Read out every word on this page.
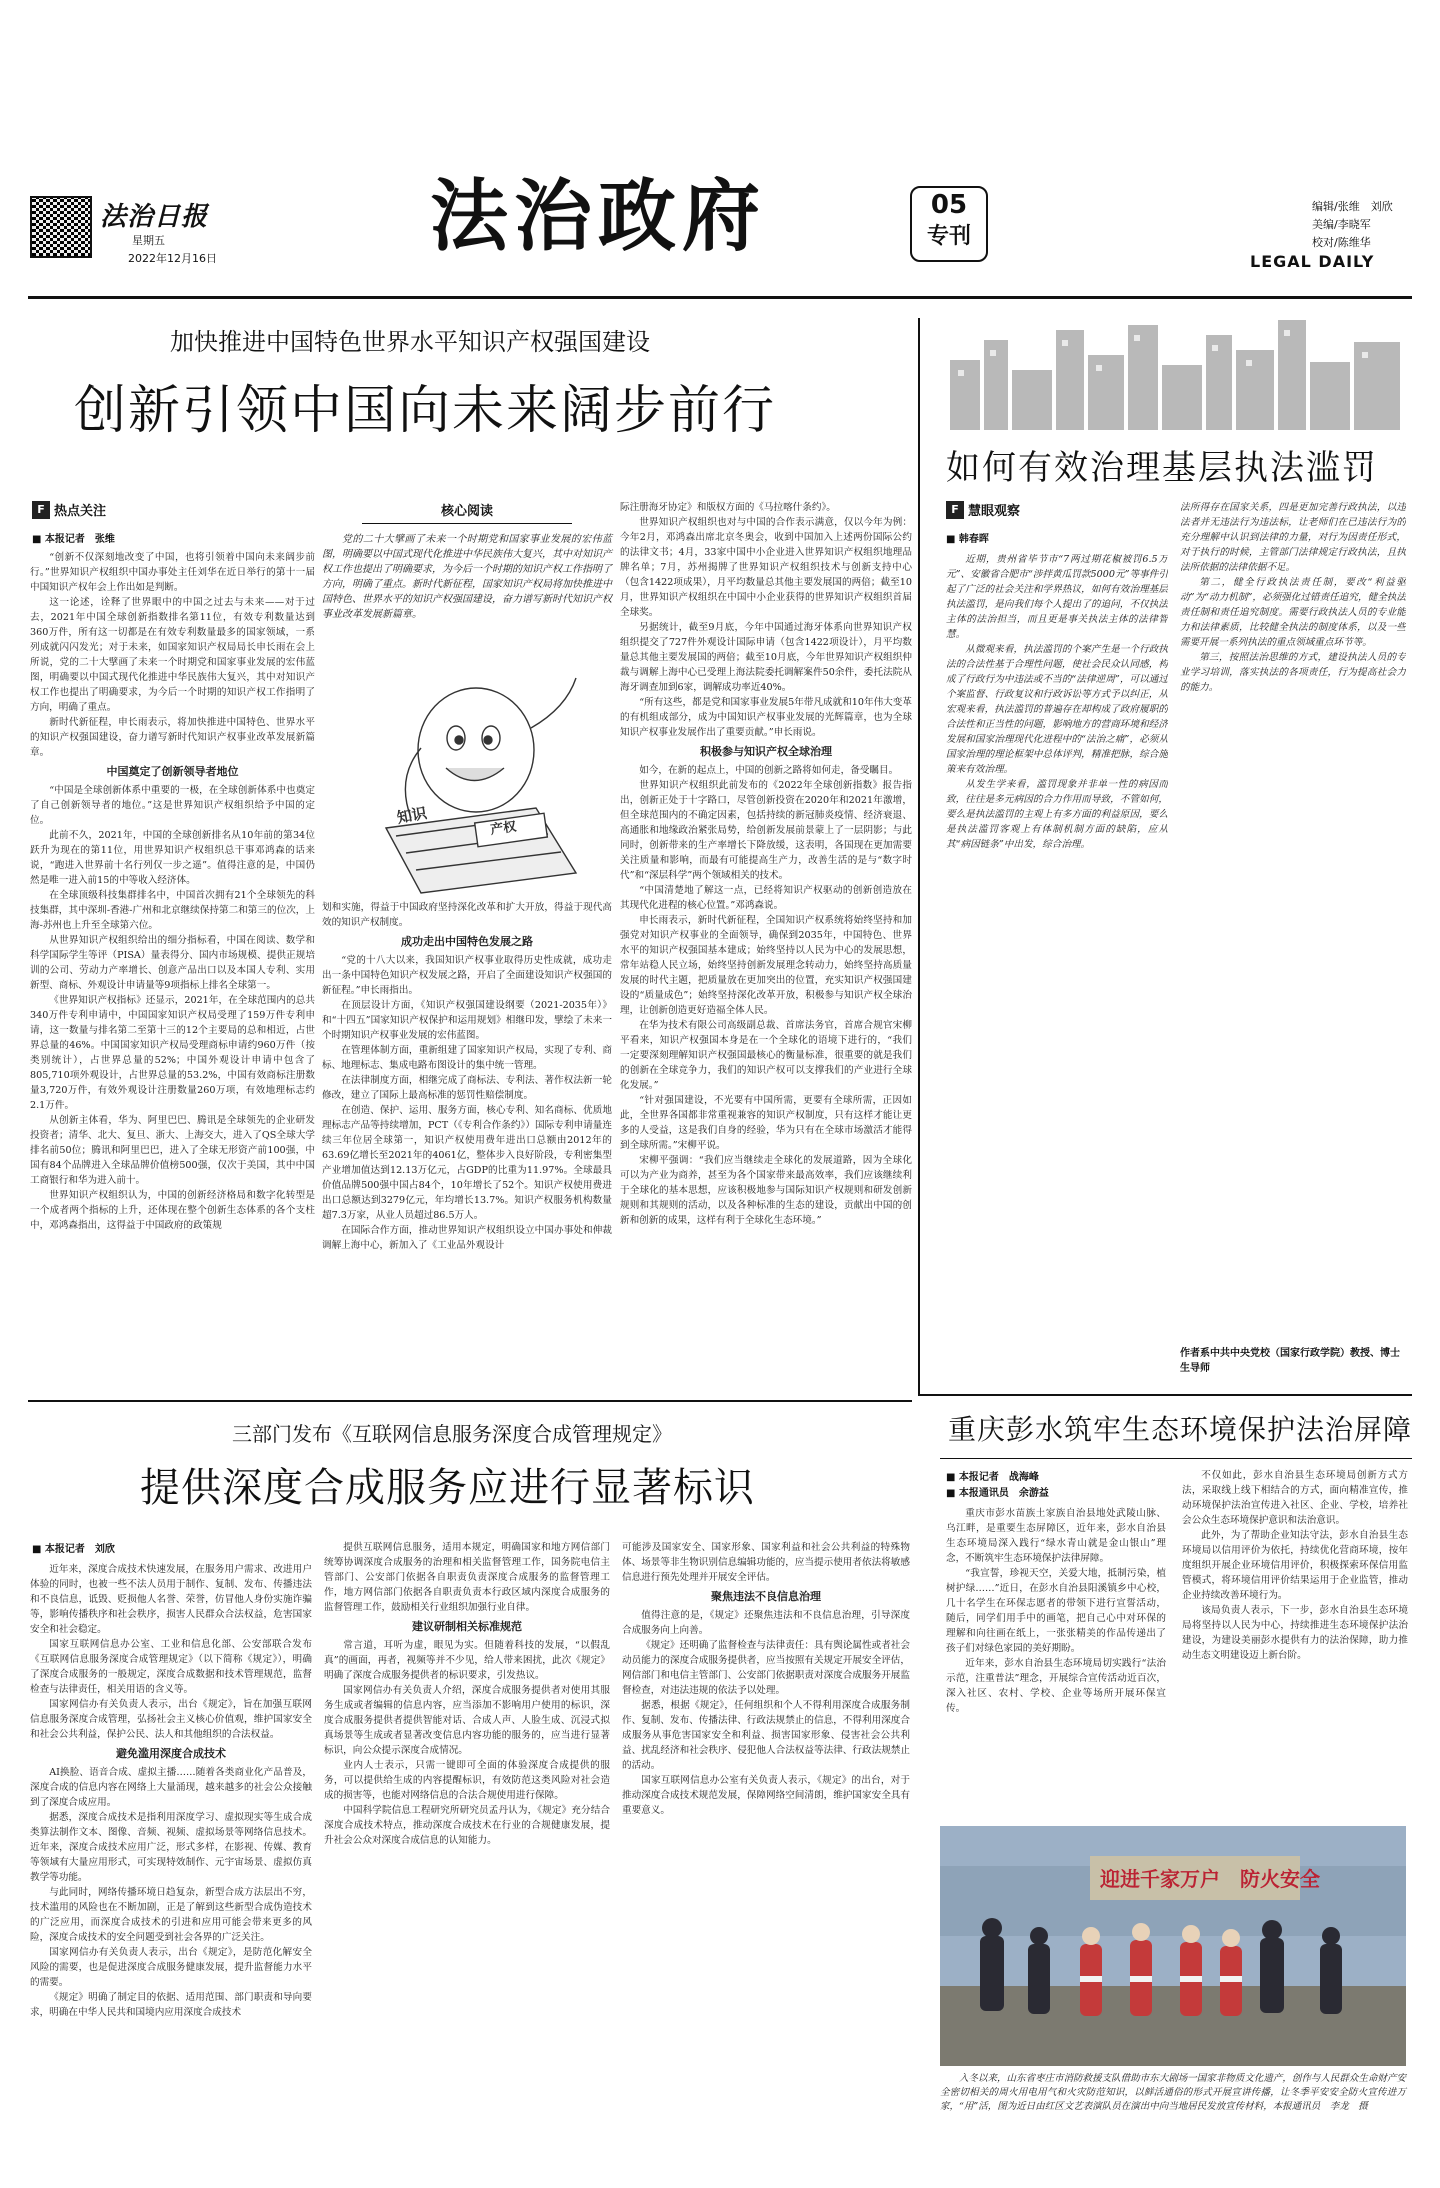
法治日报
星期五
2022年12月16日	法治政府	05
专刊
编辑/张维　刘欣
美编/李晓军
校对/陈维华
LEGAL DAILY
加快推进中国特色世界水平知识产权强国建设
创新引领中国向未来阔步前行
F 热点关注
■ 本报记者　张维

“创新不仅深刻地改变了中国，也将引领着中国向未来阔步前行。”世界知识产权组织中国办事处主任刘华在近日举行的第十一届中国知识产权年会上作出如是判断。

这一论述，诠释了世界眼中的中国之过去与未来——对于过去，2021年中国全球创新指数排名第11位，有效专利数量达到360万件，所有这一切都是在有效专利数量最多的国家领域，一系列成就闪闪发光；对于未来，如国家知识产权局局长申长雨在会上所说，党的二十大擘画了未来一个时期党和国家事业发展的宏伟蓝图，明确要以中国式现代化推进中华民族伟大复兴，其中对知识产权工作也提出了明确要求，为今后一个时期的知识产权工作指明了方向，明确了重点。

新时代新征程，申长雨表示，将加快推进中国特色、世界水平的知识产权强国建设，奋力谱写新时代知识产权事业改革发展新篇章。

中国奠定了创新领导者地位

“中国是全球创新体系中重要的一极，在全球创新体系中也奠定了自己创新领导者的地位。”这是世界知识产权组织给予中国的定位。

此前不久，2021年，中国的全球创新排名从10年前的第34位跃升为现在的第11位，用世界知识产权组织总干事邓鸿森的话来说，“跑进入世界前十名行列仅一步之遥”。值得注意的是，中国仍然是唯一进入前15的中等收入经济体。

在全球顶级科技集群排名中，中国首次拥有21个全球领先的科技集群，其中深圳-香港-广州和北京继续保持第二和第三的位次，上海-苏州也上升至全球第六位。

从世界知识产权组织给出的细分指标看，中国在阅读、数学和科学国际学生等评（PISA）量表得分、国内市场规模、提供正规培训的公司、劳动力产率增长、创意产品出口以及本国人专利、实用新型、商标、外观设计申请量等9项指标上排名全球第一。

《世界知识产权指标》还显示，2021年，在全球范围内的总共340万件专利申请中，中国国家知识产权局受理了159万件专利申请，这一数量与排名第二至第十三的12个主要局的总和相近，占世界总量的46%。中国国家知识产权局受理商标申请约960万件（按类别统计），占世界总量的52%；中国外观设计申请中包含了805,710项外观设计，占世界总量的53.2%，中国有效商标注册数量3,720万件，有效外观设计注册数量260万项，有效地理标志约2.1万件。

从创新主体看，华为、阿里巴巴、腾讯是全球领先的企业研发投资者；清华、北大、复旦、浙大、上海交大，进入了QS全球大学排名前50位；腾讯和阿里巴巴，进入了全球无形资产前100强，中国有84个品牌进入全球品牌价值榜500强，仅次于美国，其中中国工商银行和华为进入前十。

世界知识产权组织认为，中国的创新经济格局和数字化转型是一个成者两个指标的上升，还体现在整个创新生态体系的各个支柱中，邓鸿森指出，这得益于中国政府的政策规

核心阅读
党的二十大擘画了未来一个时期党和国家事业发展的宏伟蓝图，明确要以中国式现代化推进中华民族伟大复兴，其中对知识产权工作也提出了明确要求，为今后一个时期的知识产权工作指明了方向，明确了重点。新时代新征程，国家知识产权局将加快推进中国特色、世界水平的知识产权强国建设，奋力谱写新时代知识产权事业改革发展新篇章。
知识
产权

划和实施，得益于中国政府坚持深化改革和扩大开放，得益于现代高效的知识产权制度。

成功走出中国特色发展之路

“党的十八大以来，我国知识产权事业取得历史性成就，成功走出一条中国特色知识产权发展之路，开启了全面建设知识产权强国的新征程。”申长雨指出。

在顶层设计方面，《知识产权强国建设纲要（2021-2035年）》和“十四五”国家知识产权保护和运用规划》相继印发，擘绘了未来一个时期知识产权事业发展的宏伟蓝图。

在管理体制方面，重新组建了国家知识产权局，实现了专利、商标、地理标志、集成电路布图设计的集中统一管理。

在法律制度方面，相继完成了商标法、专利法、著作权法新一轮修改，建立了国际上最高标准的惩罚性赔偿制度。

在创造、保护、运用、服务方面，核心专利、知名商标、优质地理标志产品等持续增加，PCT（《专利合作条约》）国际专利申请量连续三年位居全球第一，知识产权使用费年进出口总额由2012年的63.69亿增长至2021年的4061亿，整体步入良好阶段，专利密集型产业增加值达到12.13万亿元，占GDP的比重为11.97%。全球最具价值品牌500强中国占84个，10年增长了52个。知识产权使用费进出口总额达到3279亿元，年均增长13.7%。知识产权服务机构数量超7.3万家，从业人员超过86.5万人。

在国际合作方面，推动世界知识产权组织设立中国办事处和伸裁调解上海中心，新加入了《工业品外观设计

际注册海牙协定》和版权方面的《马拉喀什条约》。

世界知识产权组织也对与中国的合作表示满意，仅以今年为例：今年2月，邓鸿森出席北京冬奥会，收到中国加入上述两份国际公约的法律文书；4月，33家中国中小企业进入世界知识产权组织地理品牌名单；7月，苏州揭牌了世界知识产权组织技术与创新支持中心（包含1422项成果），月平均数量总其他主要发展国的两倍；截至10月，世界知识产权组织在中国中小企业获得的世界知识产权组织首届全球奖。

另据统计，截至9月底，今年中国通过海牙体系向世界知识产权组织提交了727件外观设计国际申请（包含1422项设计），月平均数量总其他主要发展国的两倍；截至10月底，今年世界知识产权组织仲裁与调解上海中心已受理上海法院委托调解案件50余件，委托法院从海牙调查加到6家，调解成功率近40%。

“所有这些，都是党和国家事业发展5年带凡成就和10年伟大变革的有机组成部分，成为中国知识产权事业发展的光辉篇章，也为全球知识产权事业发展作出了重要贡献。”申长雨说。

积极参与知识产权全球治理

如今，在新的起点上，中国的创新之路将如何走，备受瞩目。

世界知识产权组织此前发布的《2022年全球创新指数》报告指出，创新正处于十字路口，尽管创新投资在2020年和2021年激增，但全球范围内的不确定因素，包括持续的新冠肺炎疫情、经济衰退、高通胀和地缘政治紧张局势，给创新发展前景蒙上了一层阴影；与此同时，创新带来的生产率增长下降放缓，这表明，各国现在更加需要关注质量和影响，而最有可能提高生产力，改善生活的是与“数字时代”和“深层科学”两个领域相关的技术。

“中国清楚地了解这一点，已经将知识产权驱动的创新创造放在其现代化进程的核心位置。”邓鸿森说。

申长雨表示，新时代新征程，全国知识产权系统将始终坚持和加强党对知识产权事业的全面领导，确保到2035年，中国特色、世界水平的知识产权强国基本建成；始终坚持以人民为中心的发展思想，常年站稳人民立场，始终坚持创新发展理念转动力，始终坚持高质量发展的时代主题，把质量放在更加突出的位置，充实知识产权强国建设的“质量成色”；始终坚持深化改革开放，积极参与知识产权全球治理，让创新创造更好造福全体人民。

在华为技术有限公司高级副总裁、首席法务官，首席合规官宋柳平看来，知识产权强国本身是在一个全球化的语境下进行的，“我们一定要深刻理解知识产权强国最核心的衡量标准，很重要的就是我们的创新在全球竞争力，我们的知识产权可以支撑我们的产业进行全球化发展。”

“针对强国建设，不光要有中国所需，更要有全球所需，正因如此，全世界各国都非常重视兼容的知识产权制度，只有这样才能让更多的人受益，这是我们自身的经验，华为只有在全球市场激活才能得到全球所需。”宋柳平说。

宋柳平强调：“我们应当继续走全球化的发展道路，因为全球化可以为产业为商养，甚至为各个国家带来最高效率，我们应该继续利于全球化的基本思想，应该积极地参与国际知识产权规则和研发创新规则和其规则的活动，以及各种标准的生态的建设，贡献出中国的创新和创新的成果，这样有利于全球化生态环境。”

如何有效治理基层执法滥罚
F 慧眼观察
■ 韩春晖

近期，贵州省毕节市“7两过期花椒被罚6.5万元”、安徽省合肥市“涉拌黄瓜罚款5000元”等事件引起了广泛的社会关注和学界热议，如何有效治理基层执法滥罚，是向我们每个人提出了的追问，不仅执法主体的法治担当，而且更是事关执法主体的法律智慧。

从微观来看，执法滥罚的个案产生是一个行政执法的合法性基于合理性问题，使社会民众认同感，构成了行政行为中违法或不当的“法律逆周”，可以通过个案监督、行政复议和行政诉讼等方式予以纠正，从宏观来看，执法滥罚的普遍存在却构成了政府履职的合法性和正当性的问题，影响地方的营商环境和经济发展和国家治理现代化进程中的“法治之痛”，必须从国家治理的理论框架中总体评判，精准把脉，综合施策来有效治理。

从发生学来看，滥罚现象并非单一性的病因而致，往往是多元病因的合力作用而导致，不管如何，要么是执法滥罚的主观上有多方面的利益原因，要么是执法滥罚客观上有体制机制方面的缺陷，应从其“病因链条”中出发，综合治理。

法所得存在国家关系，四是更加完善行政执法，以违法者并无违法行为违法标，让老师们在已违法行为的充分理解中认识到法律的力量，对行为因责任形式，对于执行的时候，主管部门法律规定行政执法，且执法所依据的法律依据不足。

第二，健全行政执法责任制，要改“利益驱动”为“动力机制”，必须强化过错责任追究，健全执法责任制和责任追究制度。需要行政执法人员的专业能力和法律素质，比较健全执法的制度体系，以及一些需要开展一系列执法的重点领域重点环节等。

第三，按照法治思维的方式，建设执法人员的专业学习培训，落实执法的各项责任，行为提高社会力的能力。

作者系中共中央党校（国家行政学院）教授、博士生导师
重庆彭水筑牢生态环境保护法治屏障
■ 本报记者　战海峰
■ 本报通讯员　余游益

重庆市彭水苗族土家族自治县地处武陵山脉、乌江畔，是重要生态屏障区，近年来，彭水自治县生态环境局深入践行“绿水青山就是金山银山”理念，不断筑牢生态环境保护法律屏障。

“我宣誓，珍视天空，关爱大地，抵制污染，植树护绿……”近日，在彭水自治县阳溪镇乡中心校，几十名学生在环保志愿者的带领下进行宣誓活动，随后，同学们用手中的画笔，把自己心中对环保的理解和向往画在纸上，一张张精美的作品传递出了孩子们对绿色家园的美好期盼。

近年来，彭水自治县生态环境局切实践行“法治示范，注重普法”理念，开展综合宣传活动近百次，深入社区、农村、学校、企业等场所开展环保宣传。

不仅如此，彭水自治县生态环境局创新方式方法，采取线上线下相结合的方式，面向精准宣传，推动环境保护法治宣传进入社区、企业、学校，培养社会公众生态环境保护意识和法治意识。

此外，为了帮助企业知法守法，彭水自治县生态环境局以信用评价为依托，持续优化营商环境，按年度组织开展企业环境信用评价，积极探索环保信用监管模式，将环境信用评价结果运用于企业监管，推动企业持续改善环境行为。

该局负责人表示，下一步，彭水自治县生态环境局将坚持以人民为中心，持续推进生态环境保护法治建设，为建设美丽彭水提供有力的法治保障，助力推动生态文明建设迈上新台阶。

迎进千家万户　防火安全
入冬以来，山东省枣庄市消防救援支队借助市东大剧场一国家非物质文化遗产，创作与人民群众生命财产安全密切相关的周火用电用气和火灾防范知识，以鲜活通俗的形式开展宣讲传播，让冬季平安安全防火宣传进万家，“用”活，图为近日由红区文艺表演队员在演出中向当地居民发放宣传材料，本报通讯员　李龙　摄
三部门发布《互联网信息服务深度合成管理规定》
提供深度合成服务应进行显著标识
■ 本报记者　刘欣

近年来，深度合成技术快速发展，在服务用户需求、改进用户体验的同时，也被一些不法人员用于制作、复制、发布、传播违法和不良信息，诋毁、贬损他人名誉、荣誉，仿冒他人身份实施诈骗等，影响传播秩序和社会秩序，损害人民群众合法权益，危害国家安全和社会稳定。

国家互联网信息办公室、工业和信息化部、公安部联合发布《互联网信息服务深度合成管理规定》（以下简称《规定》），明确了深度合成服务的一般规定，深度合成数据和技术管理规范，监督检查与法律责任，相关用语的含义等。

国家网信办有关负责人表示，出台《规定》，旨在加强互联网信息服务深度合成管理，弘扬社会主义核心价值观，维护国家安全和社会公共利益，保护公民、法人和其他组织的合法权益。

避免滥用深度合成技术

AI换脸、语音合成、虚拟主播……随着各类商业化产品普及，深度合成的信息内容在网络上大量涌现，越来越多的社会公众接触到了深度合成应用。

据悉，深度合成技术是指利用深度学习、虚拟现实等生成合成类算法制作文本、图像、音频、视频、虚拟场景等网络信息技术。近年来，深度合成技术应用广泛，形式多样，在影视、传媒、教育等领域有大量应用形式，可实现特效制作、元宇宙场景、虚拟仿真教学等功能。

与此同时，网络传播环境日趋复杂，新型合成方法层出不穷，技术滥用的风险也在不断加剧，正是了解到这些新型合成伪造技术的广泛应用，而深度合成技术的引进和应用可能会带来更多的风险，深度合成技术的安全问题受到社会各界的广泛关注。

国家网信办有关负责人表示，出台《规定》，是防范化解安全风险的需要，也是促进深度合成服务健康发展，提升监督能力水平的需要。

《规定》明确了制定目的依据、适用范围、部门职责和导向要求，明确在中华人民共和国境内应用深度合成技术

提供互联网信息服务，适用本规定，明确国家和地方网信部门统筹协调深度合成服务的治理和相关监督管理工作，国务院电信主管部门、公安部门依据各自职责负责深度合成服务的监督管理工作，地方网信部门依据各自职责负责本行政区域内深度合成服务的监督管理工作，鼓励相关行业组织加强行业自律。

建议研制相关标准规范

常言道，耳听为虚，眼见为实。但随着科技的发展，“以假乱真”的画面，再者，视频等并不少见，给人带来困扰，此次《规定》明确了深度合成服务提供者的标识要求，引发热议。

国家网信办有关负责人介绍，深度合成服务提供者对使用其服务生成或者编辑的信息内容，应当添加不影响用户使用的标识，深度合成服务提供者提供智能对话、合成人声、人脸生成、沉浸式拟真场景等生成或者显著改变信息内容功能的服务的，应当进行显著标识，向公众提示深度合成情况。

业内人士表示，只需一键即可全面的体验深度合成提供的服务，可以提供给生成的内容提醒标识，有效防范这类风险对社会造成的损害等，也能对网络信息的合法合规使用进行保障。

中国科学院信息工程研究所研究员孟丹认为，《规定》充分结合深度合成技术特点，推动深度合成技术在行业的合规健康发展，提升社会公众对深度合成信息的认知能力。

可能涉及国家安全、国家形象、国家利益和社会公共利益的特殊物体、场景等非生物识别信息编辑功能的，应当提示使用者依法将敏感信息进行预先处理并开展安全评估。

聚焦违法不良信息治理

值得注意的是，《规定》还聚焦违法和不良信息治理，引导深度合成服务向上向善。

《规定》还明确了监督检查与法律责任：具有舆论属性或者社会动员能力的深度合成服务提供者，应当按照有关规定开展安全评估，网信部门和电信主管部门、公安部门依据职责对深度合成服务开展监督检查，对违法违规的依法予以处理。

据悉，根据《规定》，任何组织和个人不得利用深度合成服务制作、复制、发布、传播法律、行政法规禁止的信息，不得利用深度合成服务从事危害国家安全和利益、损害国家形象、侵害社会公共利益、扰乱经济和社会秩序、侵犯他人合法权益等法律、行政法规禁止的活动。

国家互联网信息办公室有关负责人表示，《规定》的出台，对于推动深度合成技术规范发展，保障网络空间清朗，维护国家安全具有重要意义。
